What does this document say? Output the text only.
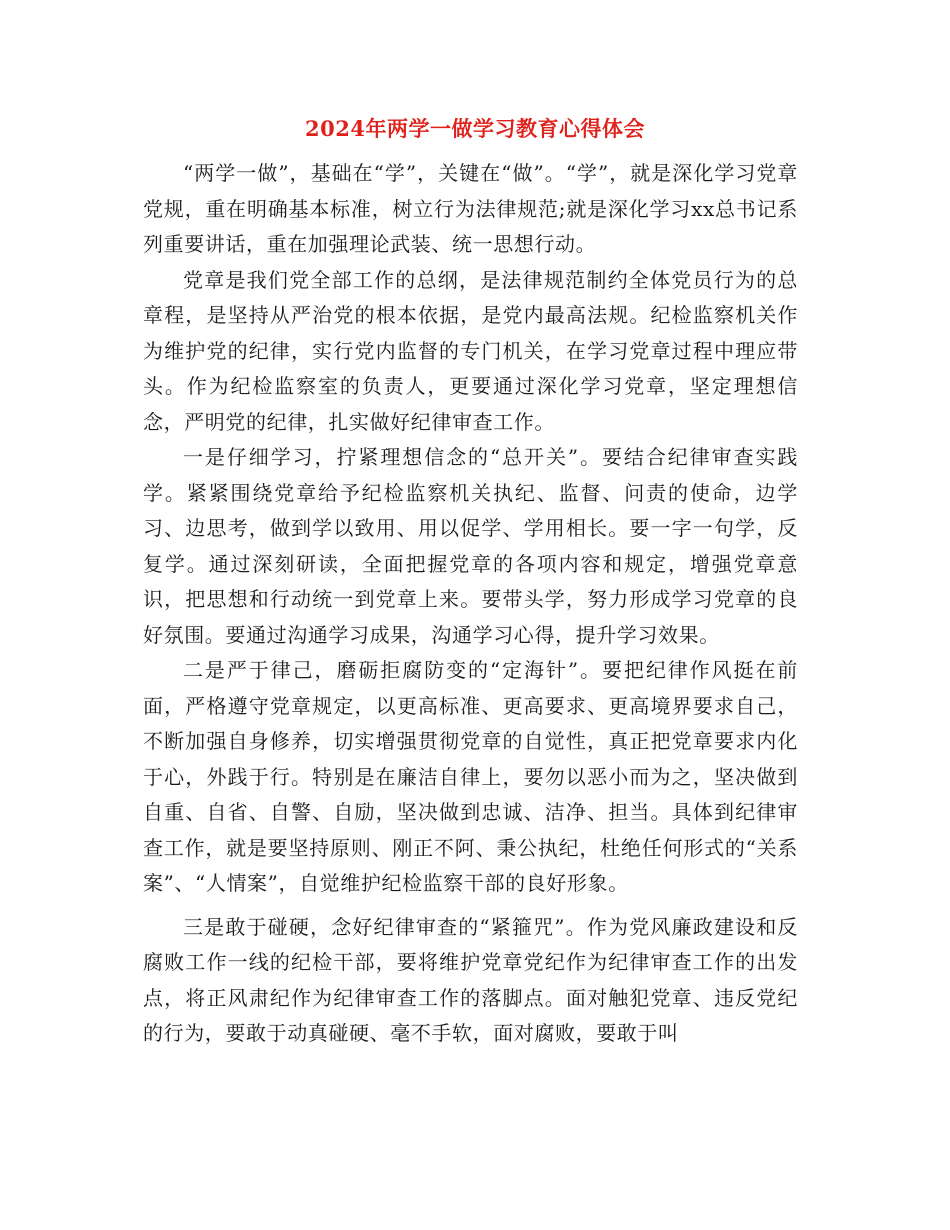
2024年两学一做学习教育心得体会

“两学一做”，基础在“学”，关键在“做”。“学”，就是深化学习党章党规，重在明确基本标准，树立行为法律规范;就是深化学习xx总书记系列重要讲话，重在加强理论武装、统一思想行动。

党章是我们党全部工作的总纲，是法律规范制约全体党员行为的总章程，是坚持从严治党的根本依据，是党内最高法规。纪检监察机关作为维护党的纪律，实行党内监督的专门机关，在学习党章过程中理应带头。作为纪检监察室的负责人，更要通过深化学习党章，坚定理想信念，严明党的纪律，扎实做好纪律审查工作。

一是仔细学习，拧紧理想信念的“总开关”。要结合纪律审查实践学。紧紧围绕党章给予纪检监察机关执纪、监督、问责的使命，边学习、边思考，做到学以致用、用以促学、学用相长。要一字一句学，反复学。通过深刻研读，全面把握党章的各项内容和规定，增强党章意识，把思想和行动统一到党章上来。要带头学，努力形成学习党章的良好氛围。要通过沟通学习成果，沟通学习心得，提升学习效果。

二是严于律己，磨砺拒腐防变的“定海针”。要把纪律作风挺在前面，严格遵守党章规定，以更高标准、更高要求、更高境界要求自己，不断加强自身修养，切实增强贯彻党章的自觉性，真正把党章要求内化于心，外践于行。特别是在廉洁自律上，要勿以恶小而为之，坚决做到自重、自省、自警、自励，坚决做到忠诚、洁净、担当。具体到纪律审查工作，就是要坚持原则、刚正不阿、秉公执纪，杜绝任何形式的“关系案”、“人情案”，自觉维护纪检监察干部的良好形象。

三是敢于碰硬，念好纪律审查的“紧箍咒”。作为党风廉政建设和反腐败工作一线的纪检干部，要将维护党章党纪作为纪律审查工作的出发点，将正风肃纪作为纪律审查工作的落脚点。面对触犯党章、违反党纪的行为，要敢于动真碰硬、毫不手软，面对腐败，要敢于叫
